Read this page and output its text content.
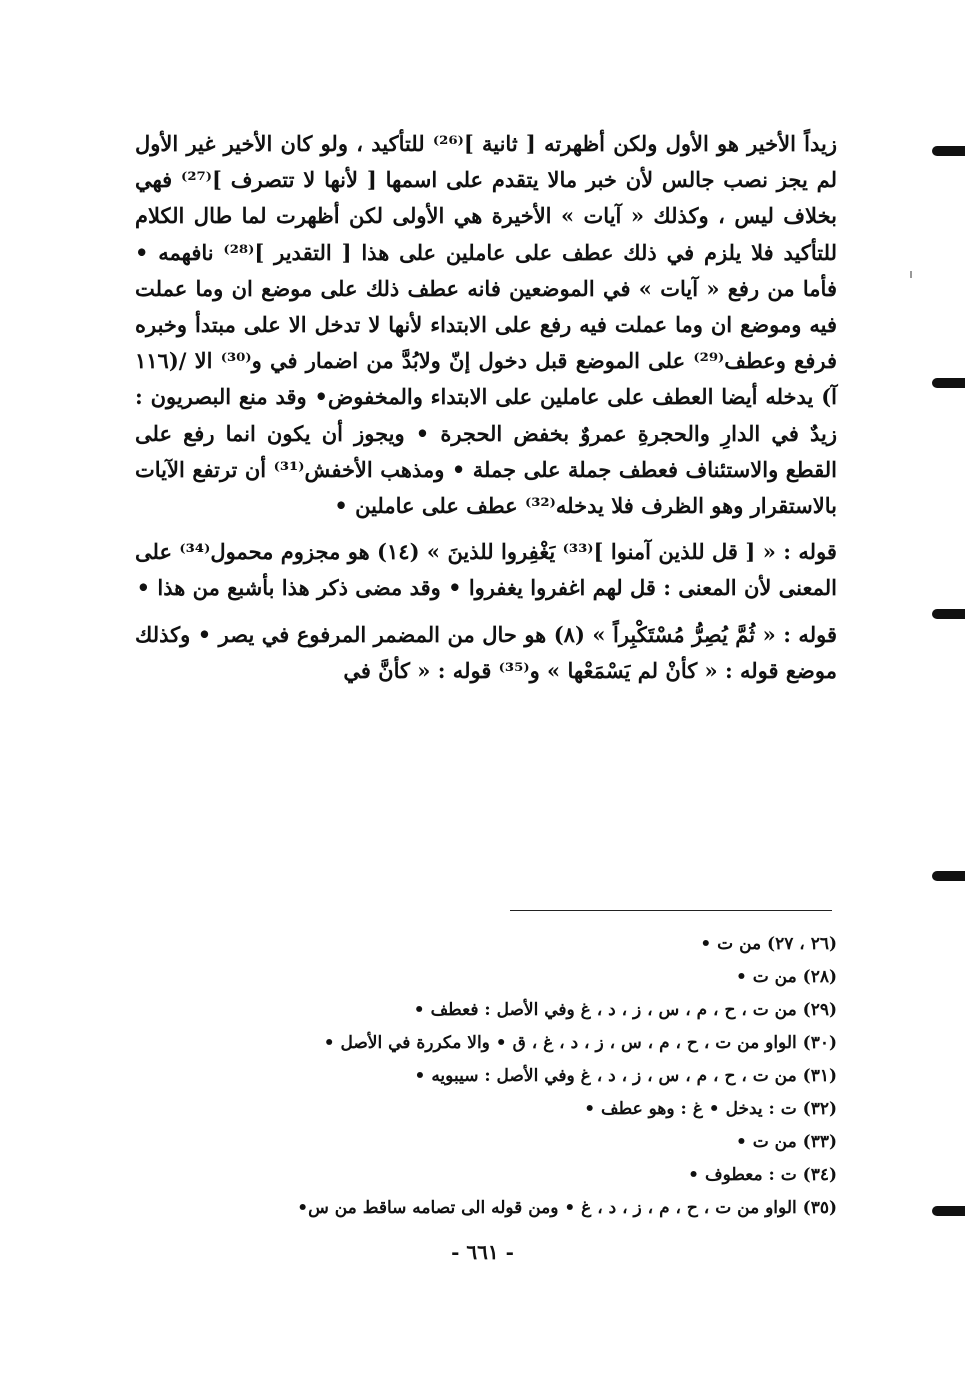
زيداً الأخير هو الأول ولكن أظهرته [ ثانية ]⁽²⁶⁾ للتأكيد ، ولو كان الأخير غير الأول لم يجز نصب جالس لأن خبر مالا يتقدم على اسمها [ لأنها لا تتصرف ]⁽²⁷⁾ فهي بخلاف ليس ، وكذلك « آيات » الأخيرة هي الأولى لكن أظهرت لما طال الكلام للتأكيد فلا يلزم في ذلك عطف على عاملين على هذا [ التقدير ]⁽²⁸⁾ نافهمه • فأما من رفع « آيات » في الموضعين فانه عطف ذلك على موضع ان وما عملت فيه وموضع ان وما عملت فيه رفع على الابتداء لأنها لا تدخل الا على مبتدأ وخبره فرفع وعطف⁽²⁹⁾ على الموضع قبل دخول إنّ ولابُدَّ من اضمار في و⁽³⁰⁾ الا /(١١٦ آ) يدخله أيضا العطف على عاملين على الابتداء والمخفوض• وقد منع البصريون : زيدٌ في الدارِ والحجرةِ عمروٌ بخفض الحجرة • ويجوز أن يكون انما رفع على القطع والاستئناف فعطف جملة على جملة • ومذهب الأخفش⁽³¹⁾ أن ترتفع الآيات بالاستقرار وهو الظرف فلا يدخله⁽³²⁾ عطف على عاملين •

قوله : « [ قل للذين آمنوا ]⁽³³⁾ يَغْفِروا للذينَ » (١٤) هو مجزوم محمول⁽³⁴⁾ على المعنى لأن المعنى : قل لهم اغفروا يغفروا • وقد مضى ذكر هذا بأشبع من هذا •

قوله : « ثُمَّ يُصِرُّ مُسْتَكْبِراً » (٨) هو حال من المضمر المرفوع في يصر • وكذلك موضع قوله : « كأنْ لم يَسْمَعْها » و⁽³⁵⁾ قوله : « كأنَّ في

(٢٦ ، ٢٧) من ت •
(٢٨) من ت •
(٢٩) من ت ، ح ، م ، س ، ز ، د ، غ وفي الأصل : فعطف •
(٣٠) الواو من ت ، ح ، م ، س ، ز ، د ، غ ، ق • والا مكررة في الأصل •
(٣١) من ت ، ح ، م ، س ، ز ، د ، غ وفي الأصل : سيبويه •
(٣٢) ت : يدخل • غ : وهو عطف •
(٣٣) من ت •
(٣٤) ت : معطوف •
(٣٥) الواو من ت ، ح ، م ، ز ، د ، غ • ومن قوله الى تصامه ساقط من س•
- ٦٦١ -
